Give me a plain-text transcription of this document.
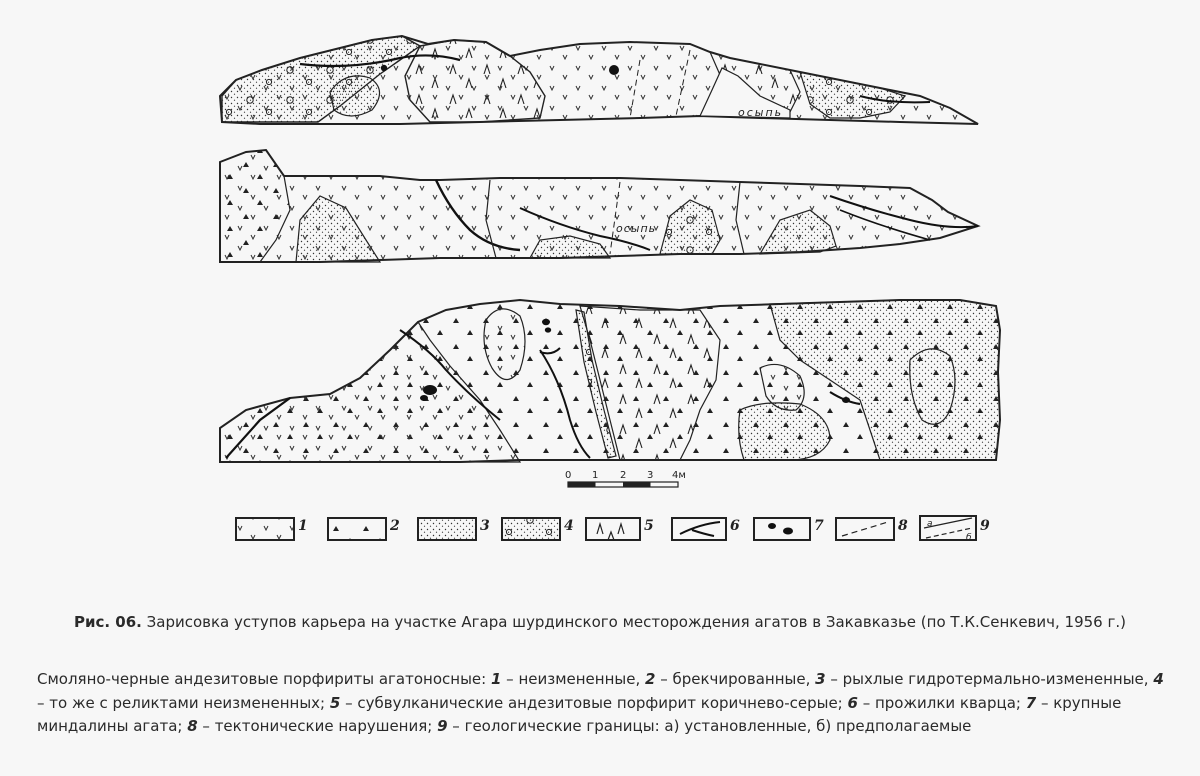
осыпь
осыпь
0 1 2 3 4м
1	2	3	4	5	6	7	8 а
б
9
Рис. 06. Зарисовка уступов карьера на участке Агара шурдинского месторождения агатов в Закавказье (по Т.К.Сенкевич, 1956 г.)
Смоляно-черные андезитовые порфириты агатоносные: 1 – неизмененные, 2 – брекчированные, 3 – рыхлые гидротермально-измененные, 4 – то же с реликтами неизмененных; 5 – субвулканические андезитовые порфирит коричнево-серые; 6 – прожилки кварца; 7 – крупные миндалины агата; 8 – тектонические нарушения; 9 – геологические границы: а) установленные, б) предполагаемые
